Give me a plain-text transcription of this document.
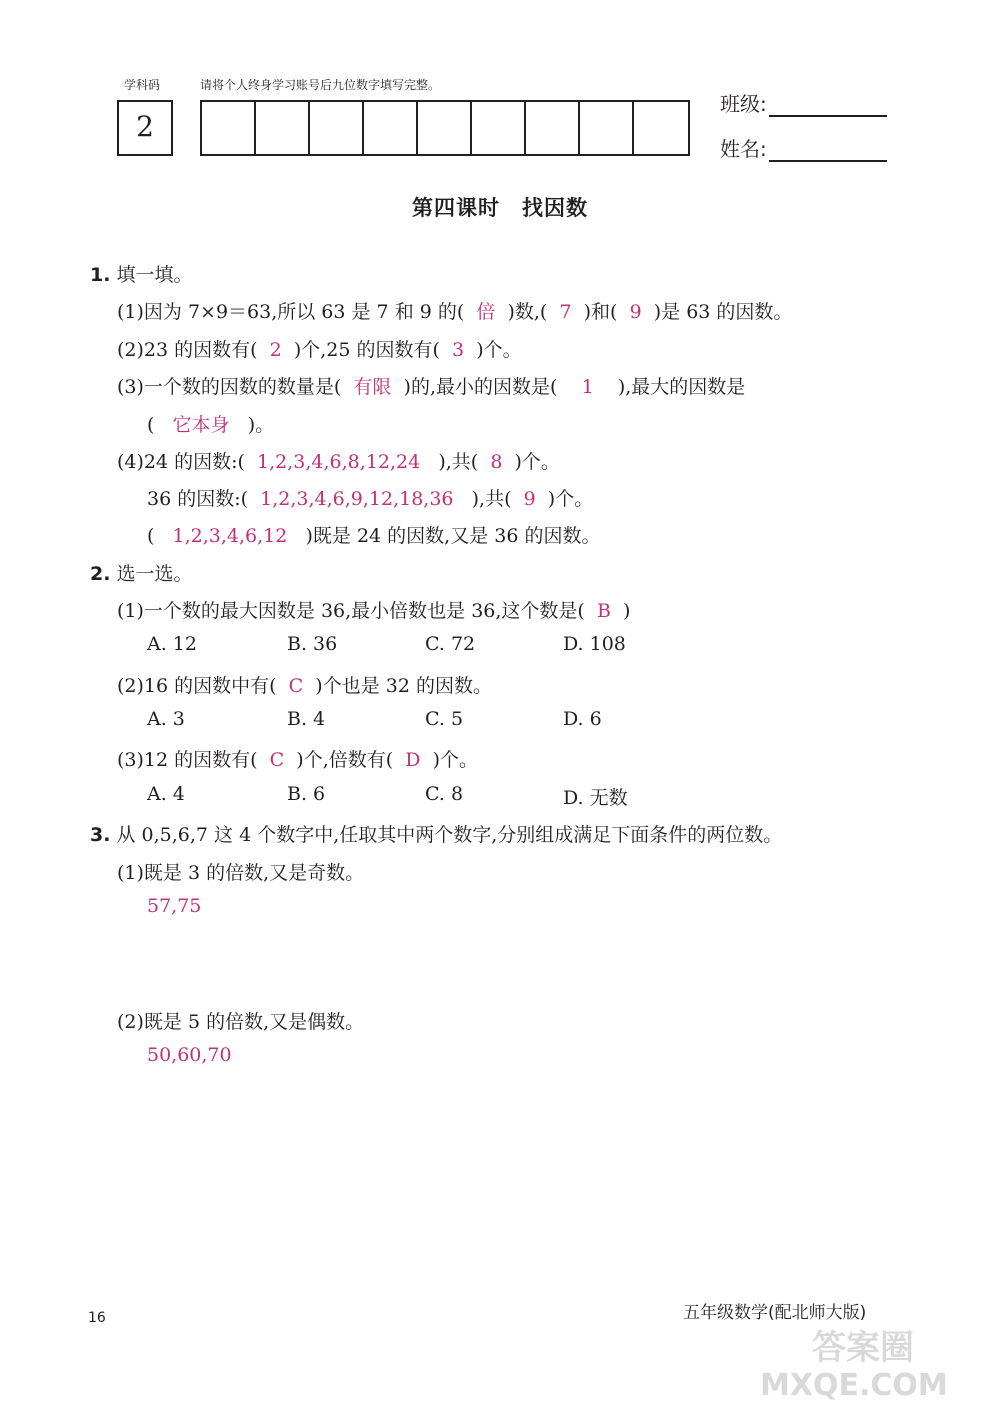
学科码
2
请将个人终身学习账号后九位数字填写完整。
班级:
姓名:
第四课时　找因数
1. 填一填。
(1)因为 7×9＝63,所以 63 是 7 和 9 的( 倍 )数,( 7 )和( 9 )是 63 的因数。
(2)23 的因数有( 2 )个,25 的因数有( 3 )个。
(3)一个数的因数的数量是( 有限 )的,最小的因数是( 1 ),最大的因数是
( 它本身 )。
(4)24 的因数:( 1,2,3,4,6,8,12,24 ),共( 8 )个。
36 的因数:( 1,2,3,4,6,9,12,18,36 ),共( 9 )个。
( 1,2,3,4,6,12 )既是 24 的因数,又是 36 的因数。
2. 选一选。
(1)一个数的最大因数是 36,最小倍数也是 36,这个数是( B )
A. 12	B. 36	C. 72	D. 108
(2)16 的因数中有( C )个也是 32 的因数。
A. 3	B. 4	C. 5	D. 6
(3)12 的因数有( C )个,倍数有( D )个。
A. 4	B. 6	C. 8	D. 无数
3. 从 0,5,6,7 这 4 个数字中,任取其中两个数字,分别组成满足下面条件的两位数。
(1)既是 3 的倍数,又是奇数。
57,75
(2)既是 5 的倍数,又是偶数。
50,60,70
16	五年级数学(配北师大版)
答案圈
MXQE.COM
